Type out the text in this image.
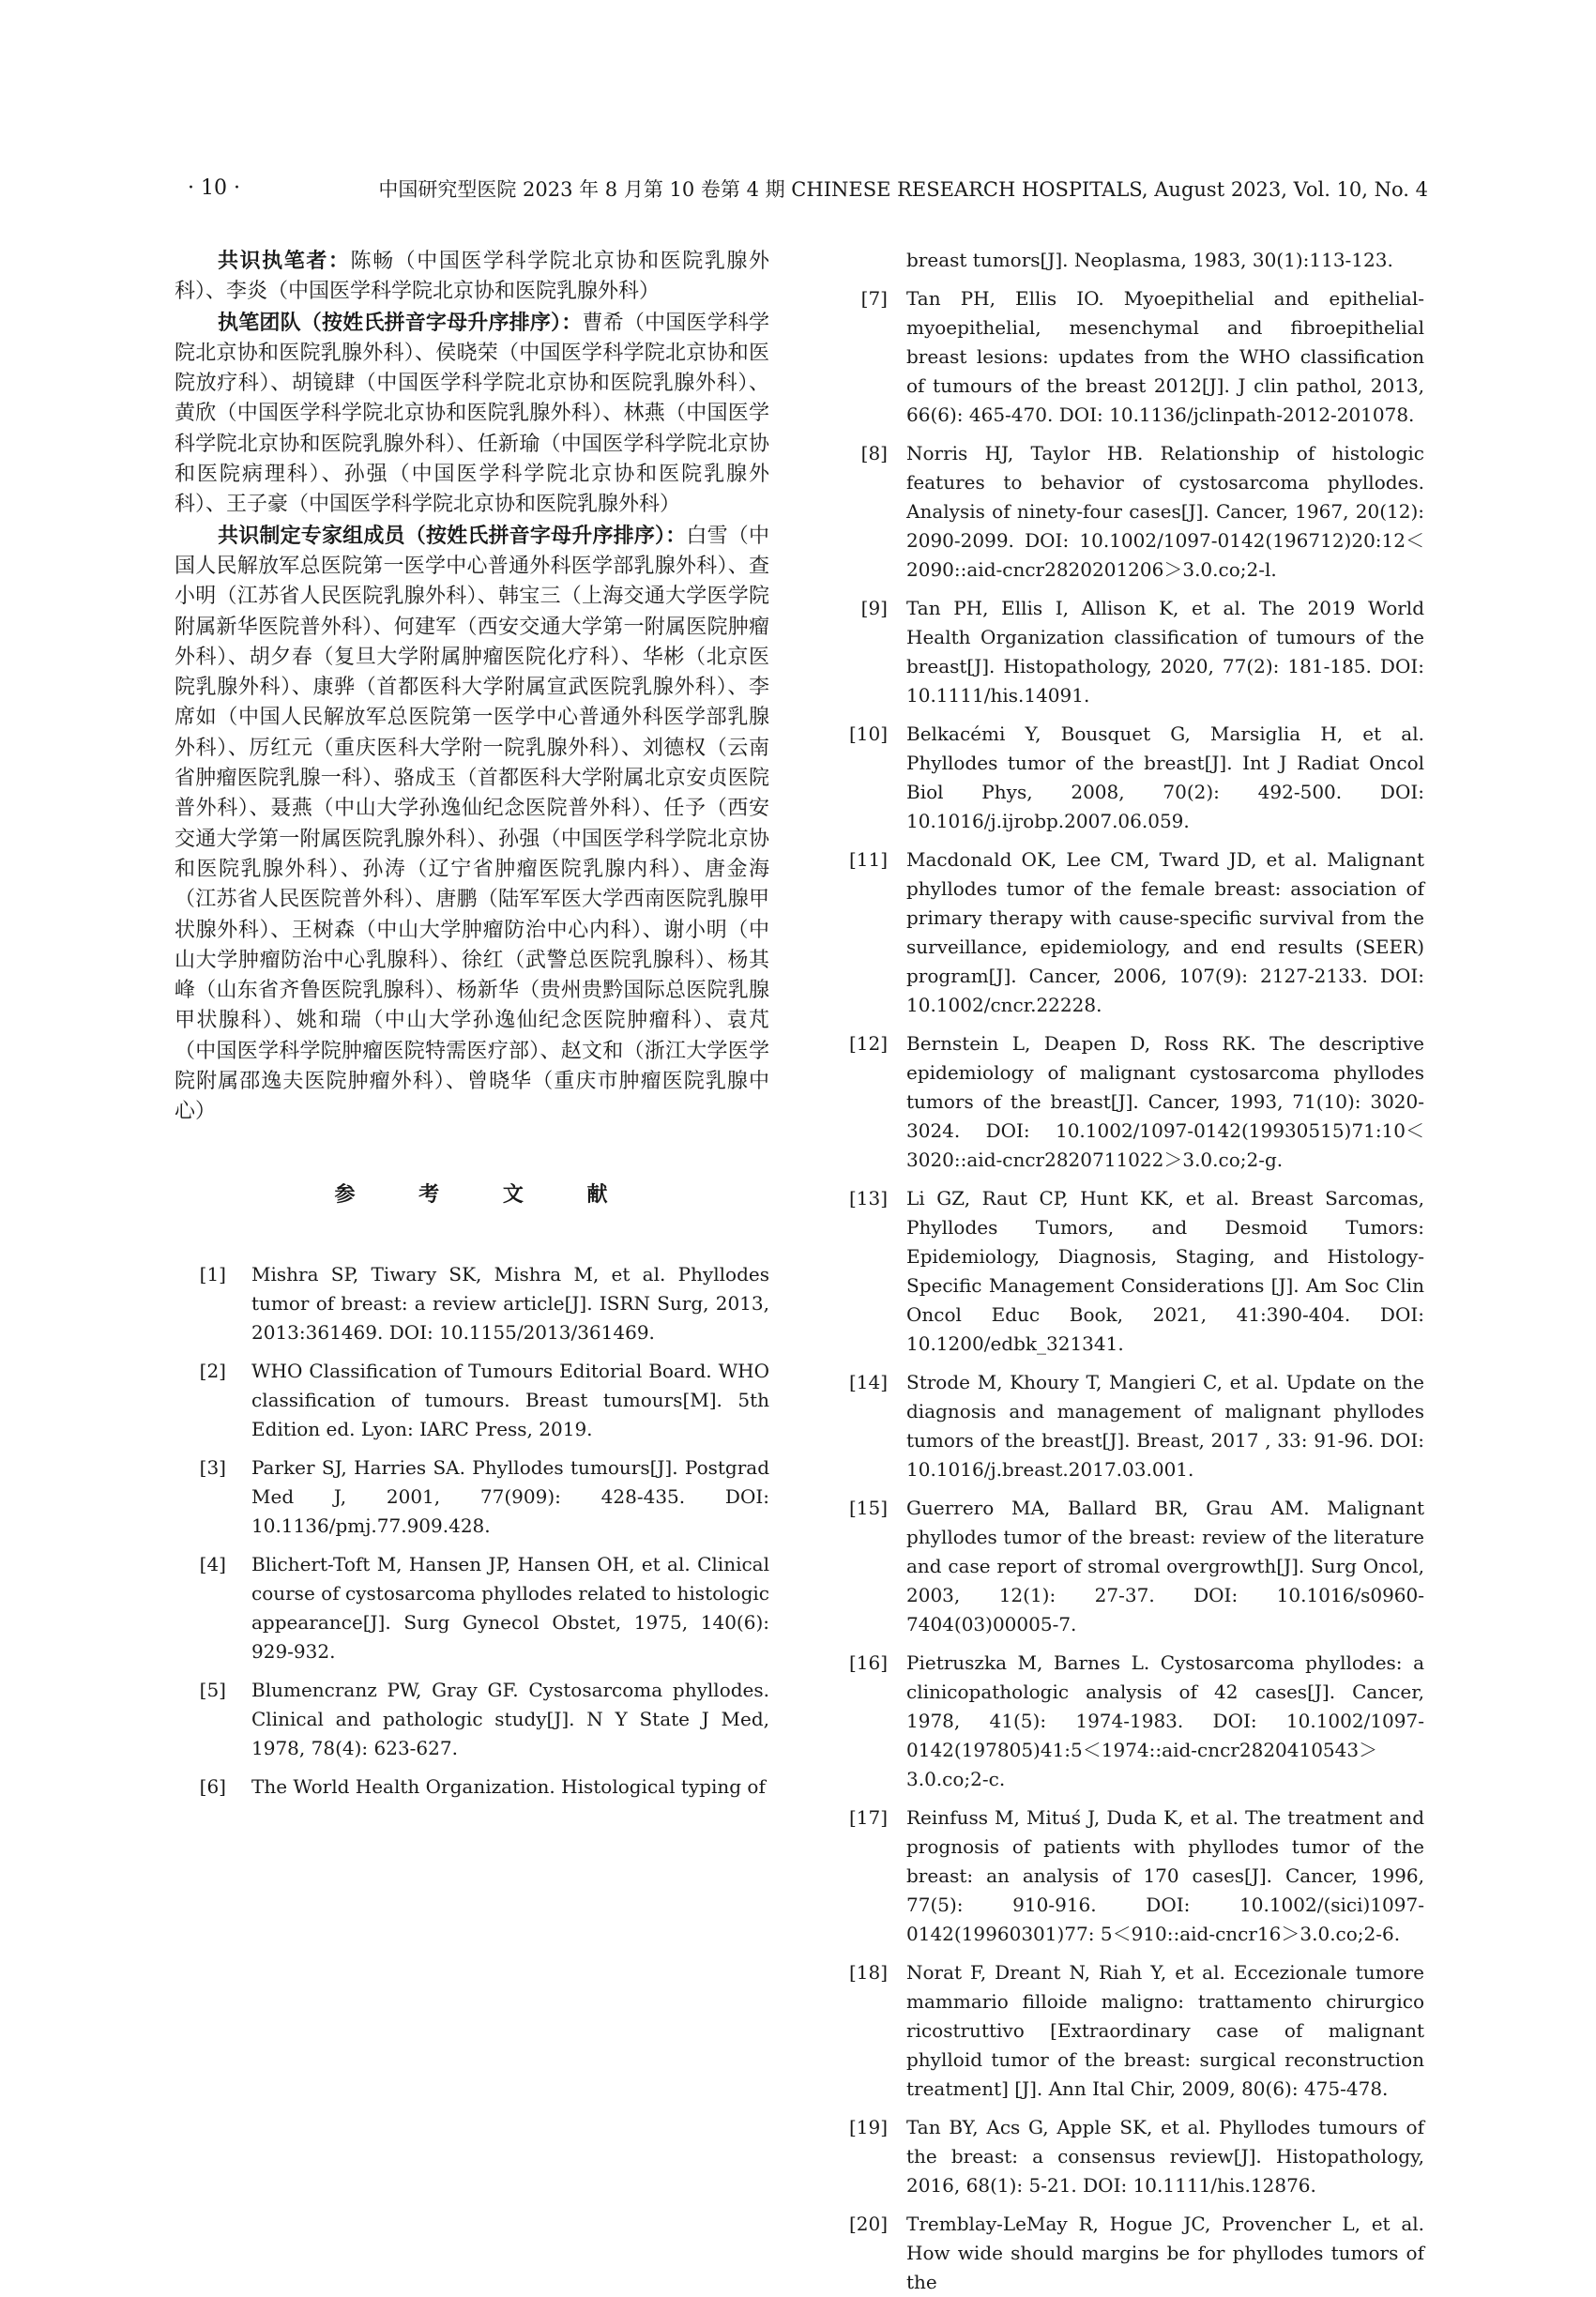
· 10 ·	中国研究型医院 2023 年 8 月第 10 卷第 4 期 CHINESE RESEARCH HOSPITALS, August 2023, Vol. 10, No. 4

共识执笔者：陈畅（中国医学科学院北京协和医院乳腺外科）、李炎（中国医学科学院北京协和医院乳腺外科）

执笔团队（按姓氏拼音字母升序排序）：曹希（中国医学科学院北京协和医院乳腺外科）、侯晓荣（中国医学科学院北京协和医院放疗科）、胡镜肆（中国医学科学院北京协和医院乳腺外科）、黄欣（中国医学科学院北京协和医院乳腺外科）、林燕（中国医学科学院北京协和医院乳腺外科）、任新瑜（中国医学科学院北京协和医院病理科）、孙强（中国医学科学院北京协和医院乳腺外科）、王子豪（中国医学科学院北京协和医院乳腺外科）

共识制定专家组成员（按姓氏拼音字母升序排序）：白雪（中国人民解放军总医院第一医学中心普通外科医学部乳腺外科）、查小明（江苏省人民医院乳腺外科）、韩宝三（上海交通大学医学院附属新华医院普外科）、何建军（西安交通大学第一附属医院肿瘤外科）、胡夕春（复旦大学附属肿瘤医院化疗科）、华彬（北京医院乳腺外科）、康骅（首都医科大学附属宣武医院乳腺外科）、李席如（中国人民解放军总医院第一医学中心普通外科医学部乳腺外科）、厉红元（重庆医科大学附一院乳腺外科）、刘德权（云南省肿瘤医院乳腺一科）、骆成玉（首都医科大学附属北京安贞医院普外科）、聂燕（中山大学孙逸仙纪念医院普外科）、任予（西安交通大学第一附属医院乳腺外科）、孙强（中国医学科学院北京协和医院乳腺外科）、孙涛（辽宁省肿瘤医院乳腺内科）、唐金海（江苏省人民医院普外科）、唐鹏（陆军军医大学西南医院乳腺甲状腺外科）、王树森（中山大学肿瘤防治中心内科）、谢小明（中山大学肿瘤防治中心乳腺科）、徐红（武警总医院乳腺科）、杨其峰（山东省齐鲁医院乳腺科）、杨新华（贵州贵黔国际总医院乳腺甲状腺科）、姚和瑞（中山大学孙逸仙纪念医院肿瘤科）、袁芃（中国医学科学院肿瘤医院特需医疗部）、赵文和（浙江大学医学院附属邵逸夫医院肿瘤外科）、曾晓华（重庆市肿瘤医院乳腺中心）

参 考 文 献
[1]	Mishra SP, Tiwary SK, Mishra M, et al. Phyllodes tumor of breast: a review article[J]. ISRN Surg, 2013, 2013:361469. DOI: 10.1155/2013/361469.
[2]	WHO Classification of Tumours Editorial Board. WHO classification of tumours. Breast tumours[M]. 5th Edition ed. Lyon: IARC Press, 2019.
[3]	Parker SJ, Harries SA. Phyllodes tumours[J]. Postgrad Med J, 2001, 77(909): 428-435. DOI: 10.1136/pmj.77.909.428.
[4]	Blichert-Toft M, Hansen JP, Hansen OH, et al. Clinical course of cystosarcoma phyllodes related to histologic appearance[J]. Surg Gynecol Obstet, 1975, 140(6): 929-932.
[5]	Blumencranz PW, Gray GF. Cystosarcoma phyllodes. Clinical and pathologic study[J]. N Y State J Med, 1978, 78(4): 623-627.
[6]	The World Health Organization. Histological typing of
breast tumors[J]. Neoplasma, 1983, 30(1):113-123.
[7]	Tan PH, Ellis IO. Myoepithelial and epithelial-myoepithelial, mesenchymal and fibroepithelial breast lesions: updates from the WHO classification of tumours of the breast 2012[J]. J clin pathol, 2013, 66(6): 465-470. DOI: 10.1136/jclinpath-2012-201078.
[8]	Norris HJ, Taylor HB. Relationship of histologic features to behavior of cystosarcoma phyllodes. Analysis of ninety-four cases[J]. Cancer, 1967, 20(12): 2090-2099. DOI: 10.1002/1097-0142(196712)20:12＜2090::aid-cncr2820201206＞3.0.co;2-l.
[9]	Tan PH, Ellis I, Allison K, et al. The 2019 World Health Organization classification of tumours of the breast[J]. Histopathology, 2020, 77(2): 181-185. DOI: 10.1111/his.14091.
[10]	Belkacémi Y, Bousquet G, Marsiglia H, et al. Phyllodes tumor of the breast[J]. Int J Radiat Oncol Biol Phys, 2008, 70(2): 492-500. DOI: 10.1016/j.ijrobp.2007.06.059.
[11]	Macdonald OK, Lee CM, Tward JD, et al. Malignant phyllodes tumor of the female breast: association of primary therapy with cause-specific survival from the surveillance, epidemiology, and end results (SEER) program[J]. Cancer, 2006, 107(9): 2127-2133. DOI: 10.1002/cncr.22228.
[12]	Bernstein L, Deapen D, Ross RK. The descriptive epidemiology of malignant cystosarcoma phyllodes tumors of the breast[J]. Cancer, 1993, 71(10): 3020-3024. DOI: 10.1002/1097-0142(19930515)71:10＜3020::aid-cncr2820711022＞3.0.co;2-g.
[13]	Li GZ, Raut CP, Hunt KK, et al. Breast Sarcomas, Phyllodes Tumors, and Desmoid Tumors: Epidemiology, Diagnosis, Staging, and Histology-Specific Management Considerations [J]. Am Soc Clin Oncol Educ Book, 2021, 41:390-404. DOI: 10.1200/edbk_321341.
[14]	Strode M, Khoury T, Mangieri C, et al. Update on the diagnosis and management of malignant phyllodes tumors of the breast[J]. Breast, 2017 , 33: 91-96. DOI: 10.1016/j.breast.2017.03.001.
[15]	Guerrero MA, Ballard BR, Grau AM. Malignant phyllodes tumor of the breast: review of the literature and case report of stromal overgrowth[J]. Surg Oncol, 2003, 12(1): 27-37. DOI: 10.1016/s0960-7404(03)00005-7.
[16]	Pietruszka M, Barnes L. Cystosarcoma phyllodes: a clinicopathologic analysis of 42 cases[J]. Cancer, 1978, 41(5): 1974-1983. DOI: 10.1002/1097-0142(197805)41:5＜1974::aid-cncr2820410543＞3.0.co;2-c.
[17]	Reinfuss M, Mituś J, Duda K, et al. The treatment and prognosis of patients with phyllodes tumor of the breast: an analysis of 170 cases[J]. Cancer, 1996, 77(5): 910-916. DOI: 10.1002/(sici)1097-0142(19960301)77: 5＜910::aid-cncr16＞3.0.co;2-6.
[18]	Norat F, Dreant N, Riah Y, et al. Eccezionale tumore mammario filloide maligno: trattamento chirurgico ricostruttivo [Extraordinary case of malignant phylloid tumor of the breast: surgical reconstruction treatment] [J]. Ann Ital Chir, 2009, 80(6): 475-478.
[19]	Tan BY, Acs G, Apple SK, et al. Phyllodes tumours of the breast: a consensus review[J]. Histopathology, 2016, 68(1): 5-21. DOI: 10.1111/his.12876.
[20]	Tremblay-LeMay R, Hogue JC, Provencher L, et al. How wide should margins be for phyllodes tumors of the
